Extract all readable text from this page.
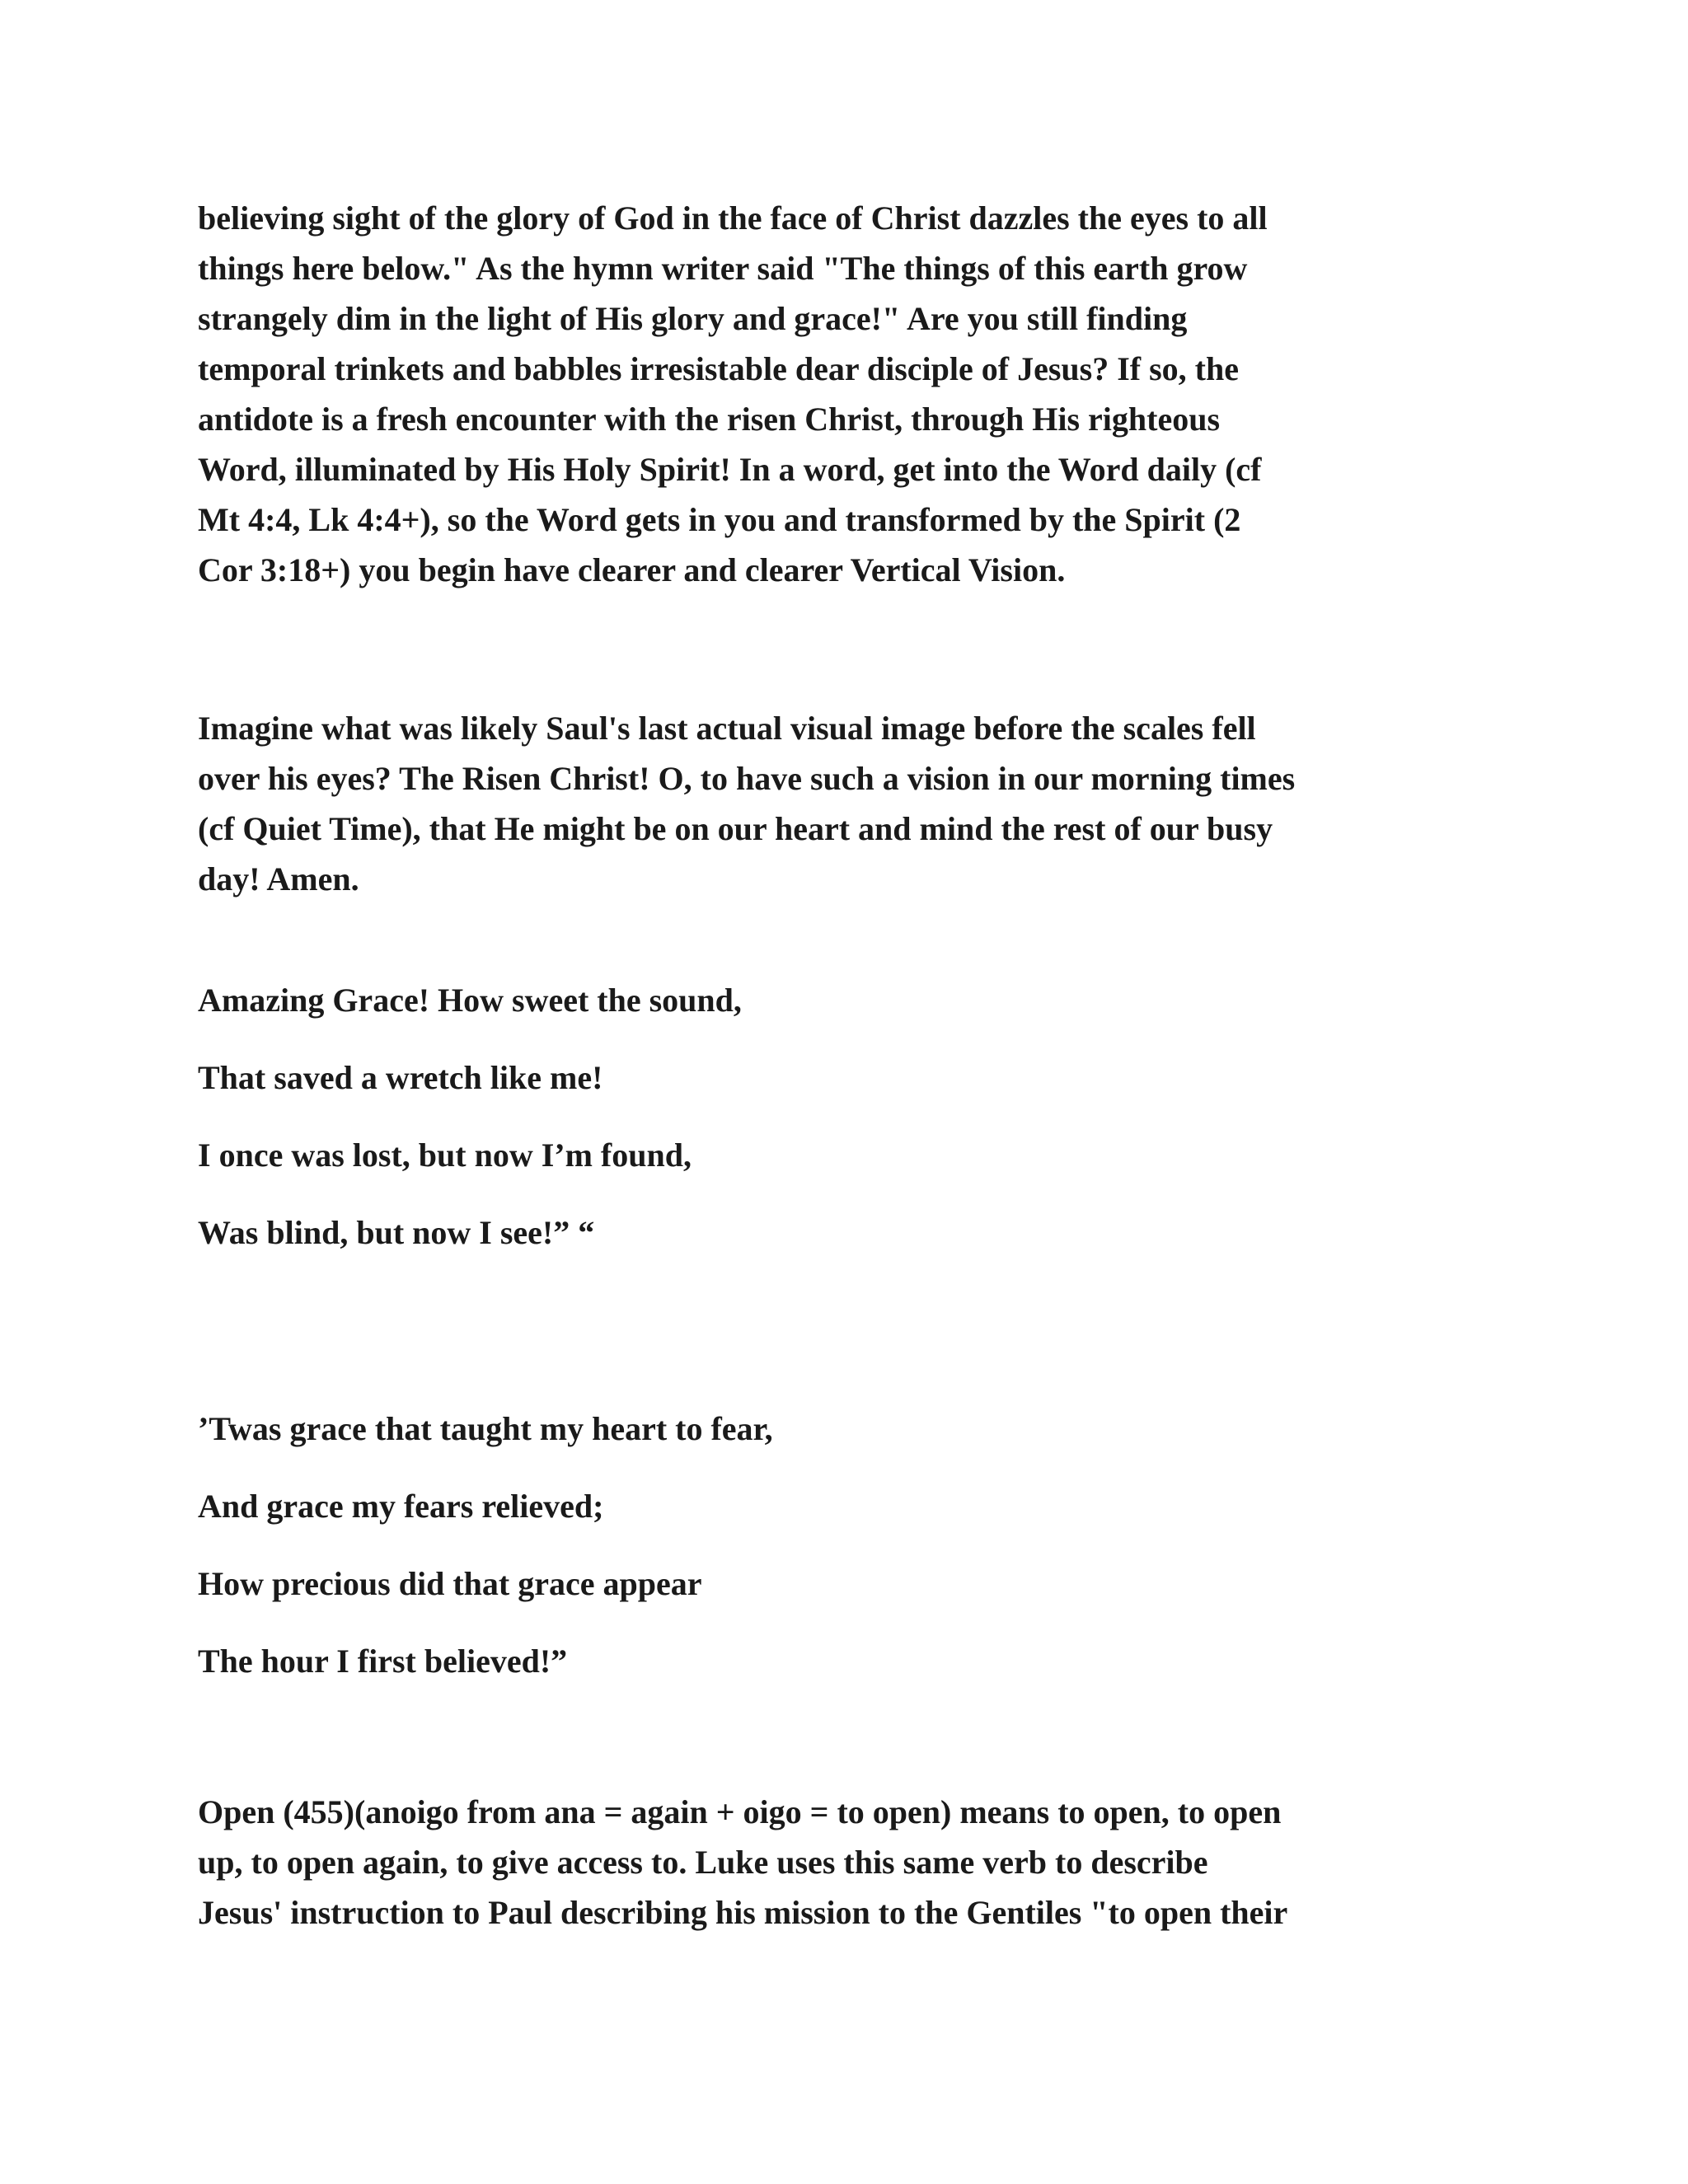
believing sight of the glory of God in the face of Christ dazzles the eyes to all
things here below." As the hymn writer said "The things of this earth grow
strangely dim in the light of His glory and grace!" Are you still finding
temporal trinkets and babbles irresistable dear disciple of Jesus? If so, the
antidote is a fresh encounter with the risen Christ, through His righteous
Word, illuminated by His Holy Spirit! In a word, get into the Word daily (cf
Mt 4:4, Lk 4:4+), so the Word gets in you and transformed by the Spirit (2
Cor 3:18+) you begin have clearer and clearer Vertical Vision.

Imagine what was likely Saul's last actual visual image before the scales fell
over his eyes? The Risen Christ! O, to have such a vision in our morning times
(cf Quiet Time), that He might be on our heart and mind the rest of our busy
day! Amen.

Amazing Grace! How sweet the sound,
That saved a wretch like me!
I once was lost, but now I’m found,
Was blind, but now I see!” “
’Twas grace that taught my heart to fear,
And grace my fears relieved;
How precious did that grace appear
The hour I first believed!”

Open (455)(anoigo from ana = again + oigo = to open) means to open, to open
up, to open again, to give access to. Luke uses this same verb to describe
Jesus' instruction to Paul describing his mission to the Gentiles "to open their
